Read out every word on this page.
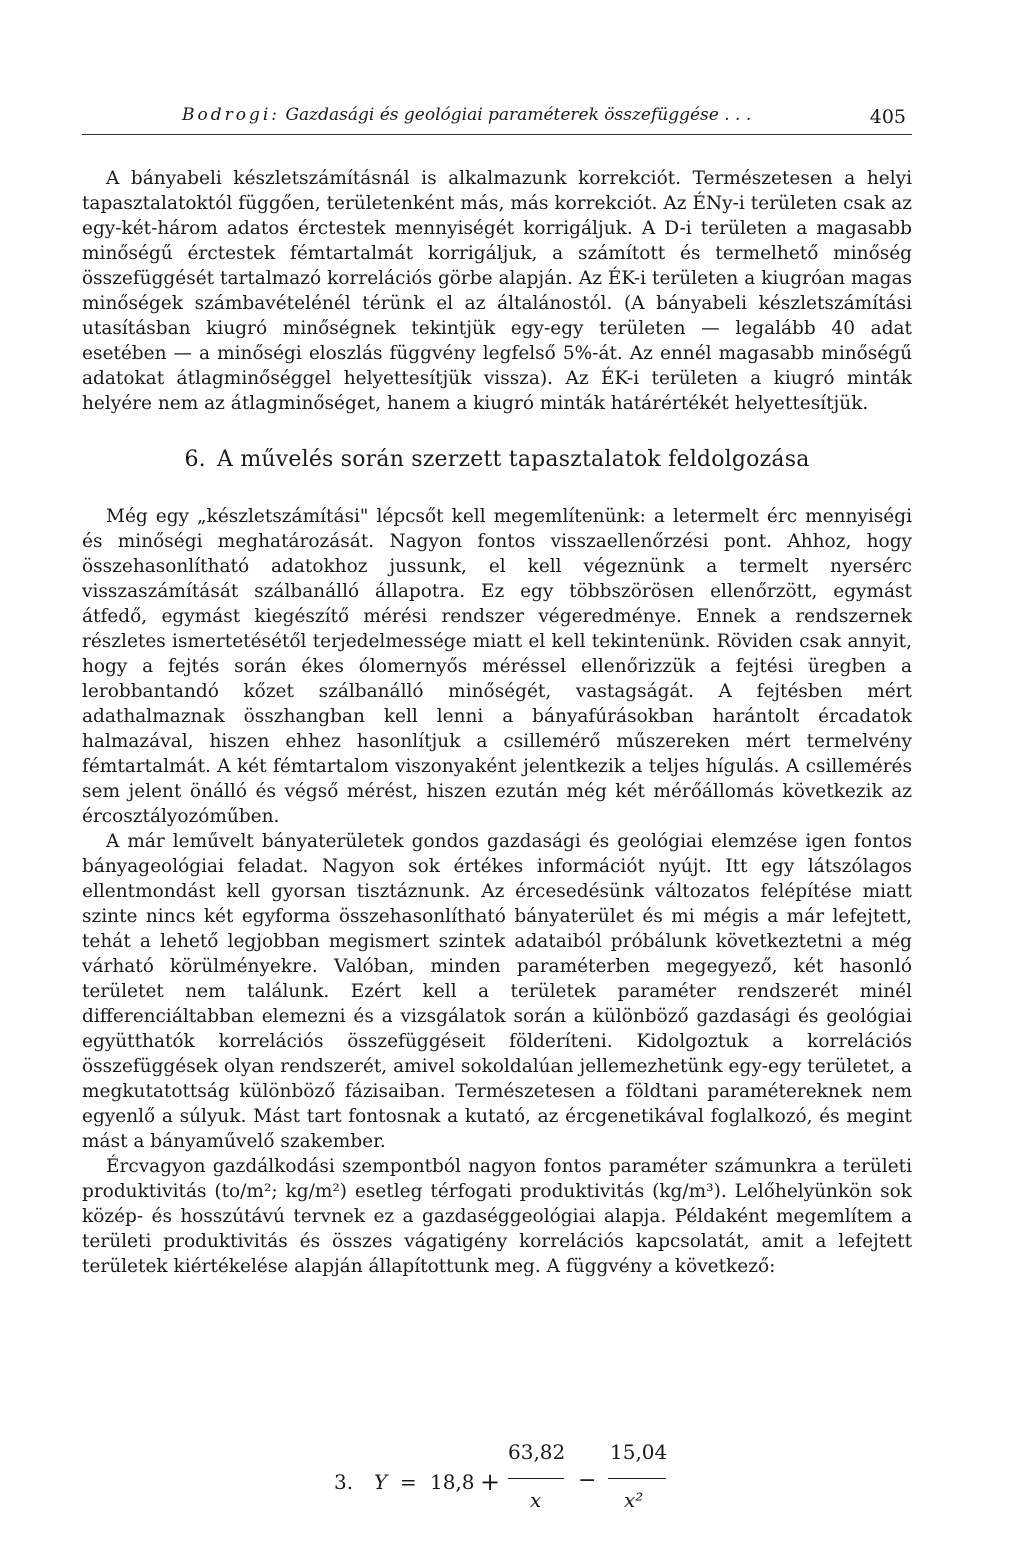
Bodrogi: Gazdasági és geológiai paraméterek összefüggése . . .	405

A bányabeli készletszámításnál is alkalmazunk korrekciót. Természetesen a helyi tapasztalatoktól függően, területenként más, más korrekciót. Az ÉNy-i területen csak az egy-két-három adatos érctestek mennyiségét korrigáljuk. A D-i területen a magasabb minőségű érctestek fémtartalmát korrigáljuk, a számított és termelhető minőség összefüggését tartalmazó korrelációs görbe alapján. Az ÉK-i területen a kiugróan magas minőségek számbavételénél térünk el az általánostól. (A bányabeli készletszámítási utasításban kiugró minőségnek tekintjük egy-egy területen — legalább 40 adat esetében — a minőségi eloszlás függvény legfelső 5%-át. Az ennél magasabb minőségű adatokat átlagminőséggel helyettesítjük vissza). Az ÉK-i területen a kiugró minták helyére nem az átlagminőséget, hanem a kiugró minták határértékét helyettesítjük.

6. A művelés során szerzett tapasztalatok feldolgozása

Még egy „készletszámítási" lépcsőt kell megemlítenünk: a letermelt érc mennyiségi és minőségi meghatározását. Nagyon fontos visszaellenőrzési pont. Ahhoz, hogy összehasonlítható adatokhoz jussunk, el kell végeznünk a termelt nyersérc visszaszámítását szálbanálló állapotra. Ez egy többszörösen ellenőrzött, egymást átfedő, egymást kiegészítő mérési rendszer végeredménye. Ennek a rendszernek részletes ismertetésétől terjedelmessége miatt el kell tekintenünk. Röviden csak annyit, hogy a fejtés során ékes ólomernyős méréssel ellenőrizzük a fejtési üregben a lerobbantandó kőzet szálbanálló minőségét, vastagságát. A fejtésben mért adathalmaznak összhangban kell lenni a bányafúrásokban harántolt ércadatok halmazával, hiszen ehhez hasonlítjuk a csillemérő műszereken mért termelvény fémtartalmát. A két fémtartalom viszonyaként jelentkezik a teljes hígulás. A csillemérés sem jelent önálló és végső mérést, hiszen ezután még két mérőállomás következik az ércosztályozóműben.

A már leművelt bányaterületek gondos gazdasági és geológiai elemzése igen fontos bányageológiai feladat. Nagyon sok értékes információt nyújt. Itt egy látszólagos ellentmondást kell gyorsan tisztáznunk. Az ércesedésünk változatos felépítése miatt szinte nincs két egyforma összehasonlítható bányaterület és mi mégis a már lefejtett, tehát a lehető legjobban megismert szintek adataiból próbálunk következtetni a még várható körülményekre. Valóban, minden paraméterben megegyező, két hasonló területet nem találunk. Ezért kell a területek paraméter rendszerét minél differenciáltabban elemezni és a vizsgálatok során a különböző gazdasági és geológiai együtthatók korrelációs összefüggéseit földeríteni. Kidolgoztuk a korrelációs összefüggések olyan rendszerét, amivel sokoldalúan jellemezhetünk egy-egy területet, a megkutatottság különböző fázisaiban. Természetesen a földtani paramétereknek nem egyenlő a súlyuk. Mást tart fontosnak a kutató, az ércgenetikával foglalkozó, és megint mást a bányaművelő szakember.

Ércvagyon gazdálkodási szempontból nagyon fontos paraméter számunkra a területi produktivitás (to/m²; kg/m²) esetleg térfogati produktivitás (kg/m³). Lelőhelyünkön sok közép- és hosszútávú tervnek ez a gazdaséggeológiai alapja. Példaként megemlítem a területi produktivitás és összes vágatigény korrelációs kapcsolatát, amit a lefejtett területek kiértékelése alapján állapítottunk meg. A függvény a következő:

3. Y = 18,8 +
63,82
x
−
15,04
x²
